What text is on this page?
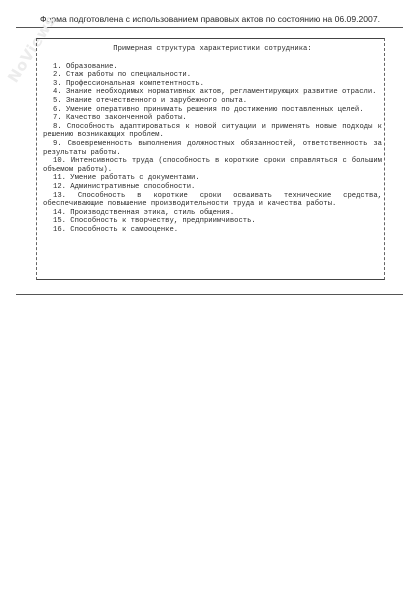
Форма подготовлена с использованием правовых актов по состоянию на 06.09.2007.
NoViews	Примерная структура характеристики сотрудника:
1. Образование.
2. Стаж работы по специальности.
3. Профессиональная компетентность.
4. Знание необходимых нормативных актов, регламентирующих развитие отрасли.
5. Знание отечественного и зарубежного опыта.
6. Умение оперативно принимать решения по достижению поставленных целей.
7. Качество законченной работы.
8. Способность адаптироваться к новой ситуации и применять новые подходы к решению возникающих проблем.
9. Своевременность выполнения должностных обязанностей, ответственность за результаты работы.
10. Интенсивность труда (способность в короткие сроки справляться с большим объемом работы).
11. Умение работать с документами.
12. Административные способности.
13. Способность в короткие сроки осваивать технические средства, обеспечивающие повышение производительности труда и качества работы.
14. Производственная этика, стиль общения.
15. Способность к творчеству, предприимчивость.
16. Способность к самооценке.
